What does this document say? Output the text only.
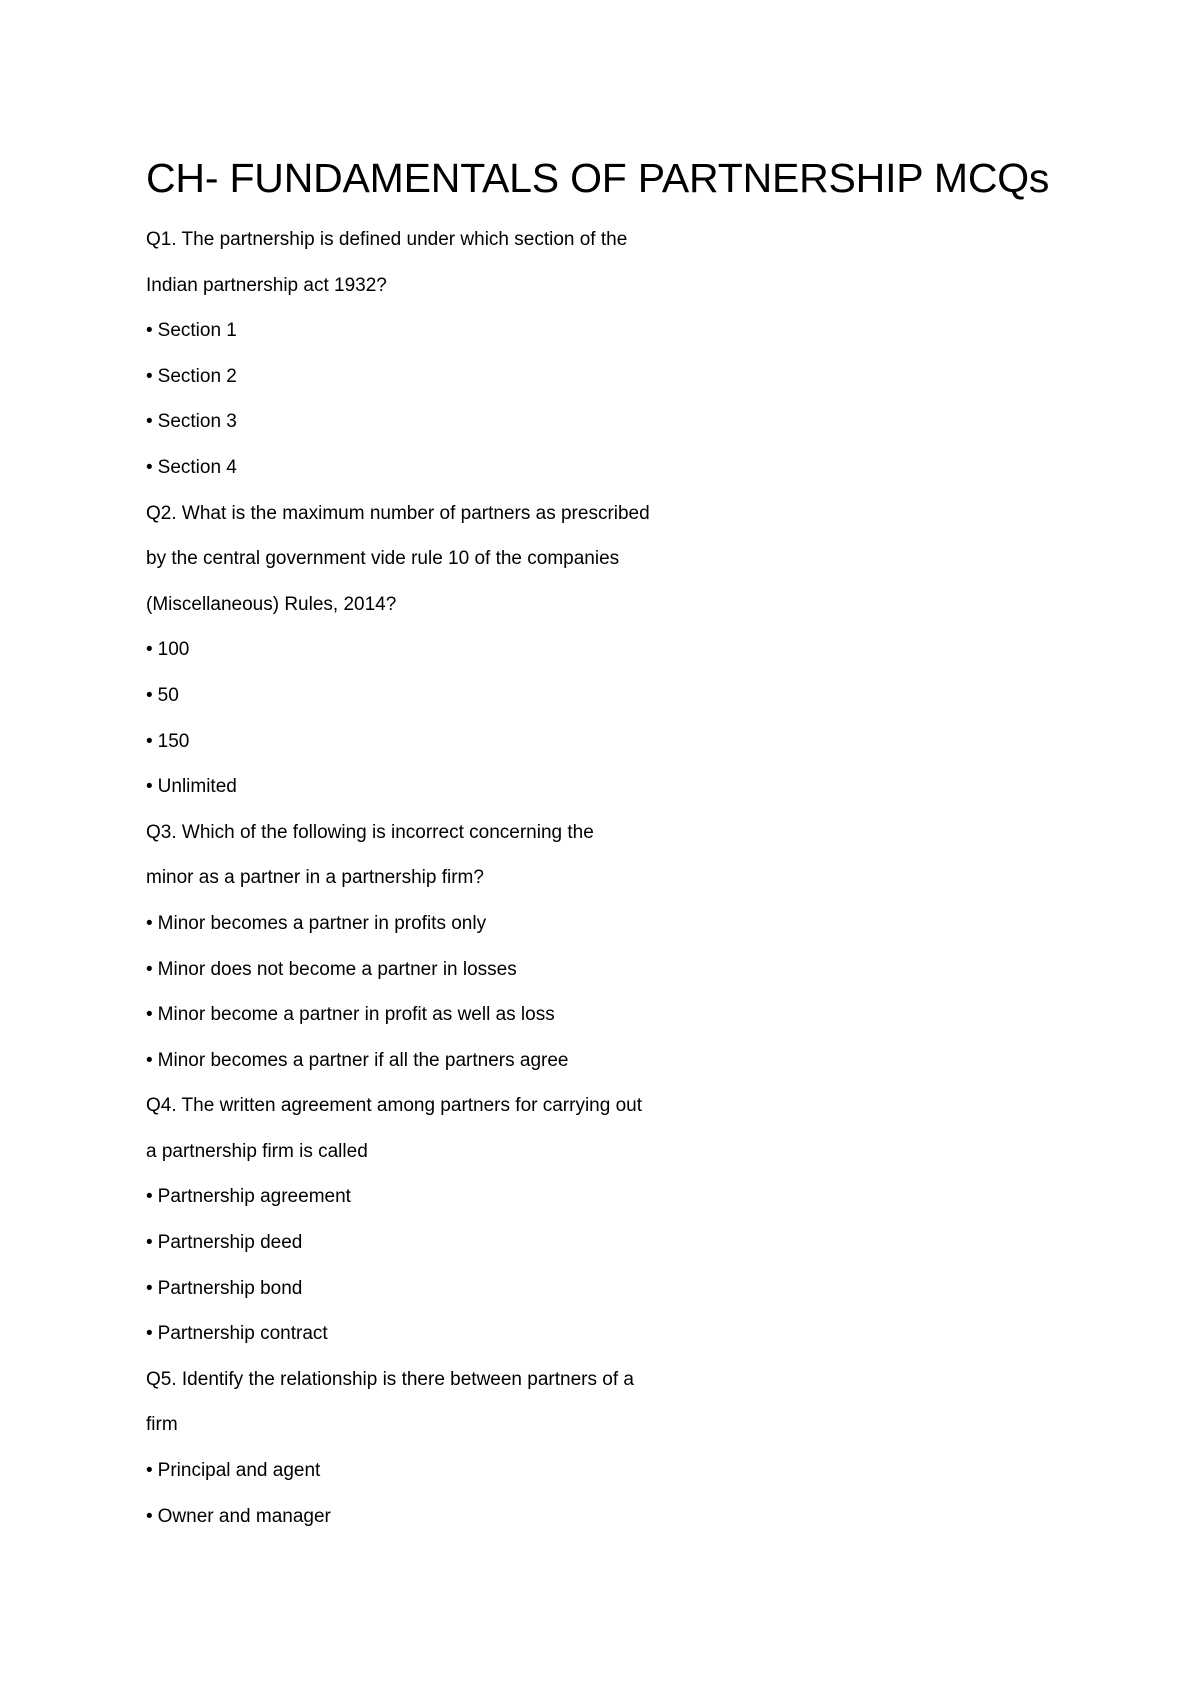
CH- FUNDAMENTALS OF PARTNERSHIP MCQs
Q1. The partnership is defined under which section of the
Indian partnership act 1932?
• Section 1
• Section 2
• Section 3
• Section 4
Q2. What is the maximum number of partners as prescribed
by the central government vide rule 10 of the companies
(Miscellaneous) Rules, 2014?
• 100
• 50
• 150
• Unlimited
Q3. Which of the following is incorrect concerning the
minor as a partner in a partnership firm?
• Minor becomes a partner in profits only
• Minor does not become a partner in losses
• Minor become a partner in profit as well as loss
• Minor becomes a partner if all the partners agree
Q4. The written agreement among partners for carrying out
a partnership firm is called
• Partnership agreement
• Partnership deed
• Partnership bond
• Partnership contract
Q5. Identify the relationship is there between partners of a
firm
• Principal and agent
• Owner and manager
